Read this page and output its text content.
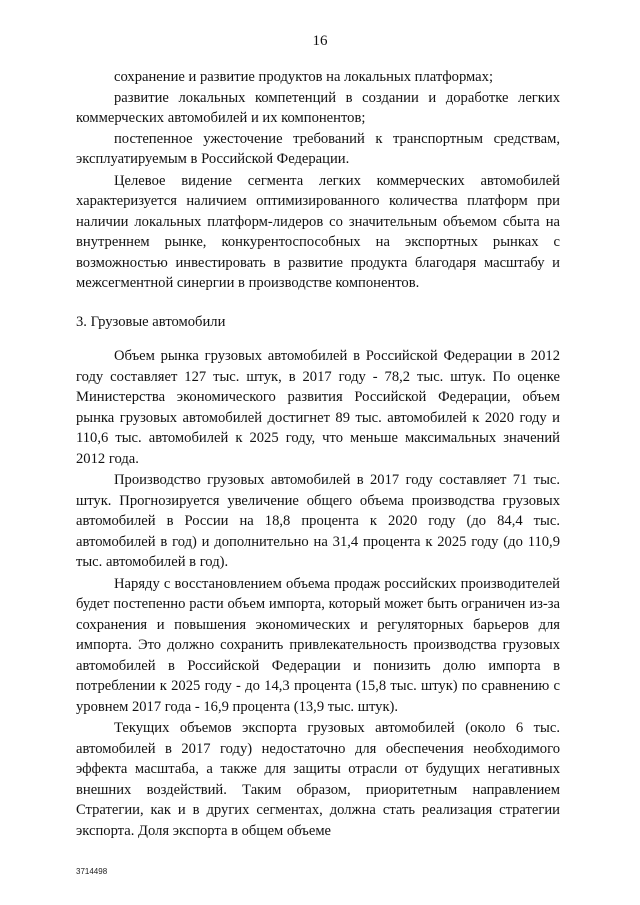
16

сохранение и развитие продуктов на локальных платформах;

развитие локальных компетенций в создании и доработке легких коммерческих автомобилей и их компонентов;

постепенное ужесточение требований к транспортным средствам, эксплуатируемым в Российской Федерации.

Целевое видение сегмента легких коммерческих автомобилей характеризуется наличием оптимизированного количества платформ при наличии локальных платформ-лидеров со значительным объемом сбыта на внутреннем рынке, конкурентоспособных на экспортных рынках с возможностью инвестировать в развитие продукта благодаря масштабу и межсегментной синергии в производстве компонентов.

3. Грузовые автомобили

Объем рынка грузовых автомобилей в Российской Федерации в 2012 году составляет 127 тыс. штук, в 2017 году - 78,2 тыс. штук. По оценке Министерства экономического развития Российской Федерации, объем рынка грузовых автомобилей достигнет 89 тыс. автомобилей к 2020 году и 110,6 тыс. автомобилей к 2025 году, что меньше максимальных значений 2012 года.

Производство грузовых автомобилей в 2017 году составляет 71 тыс. штук. Прогнозируется увеличение общего объема производства грузовых автомобилей в России на 18,8 процента к 2020 году (до 84,4 тыс. автомобилей в год) и дополнительно на 31,4 процента к 2025 году (до 110,9 тыс. автомобилей в год).

Наряду с восстановлением объема продаж российских производителей будет постепенно расти объем импорта, который может быть ограничен из-за сохранения и повышения экономических и регуляторных барьеров для импорта. Это должно сохранить привлекательность производства грузовых автомобилей в Российской Федерации и понизить долю импорта в потреблении к 2025 году - до 14,3 процента (15,8 тыс. штук) по сравнению с уровнем 2017 года - 16,9 процента (13,9 тыс. штук).

Текущих объемов экспорта грузовых автомобилей (около 6 тыс. автомобилей в 2017 году) недостаточно для обеспечения необходимого эффекта масштаба, а также для защиты отрасли от будущих негативных внешних воздействий. Таким образом, приоритетным направлением Стратегии, как и в других сегментах, должна стать реализация стратегии экспорта. Доля экспорта в общем объеме

3714498
